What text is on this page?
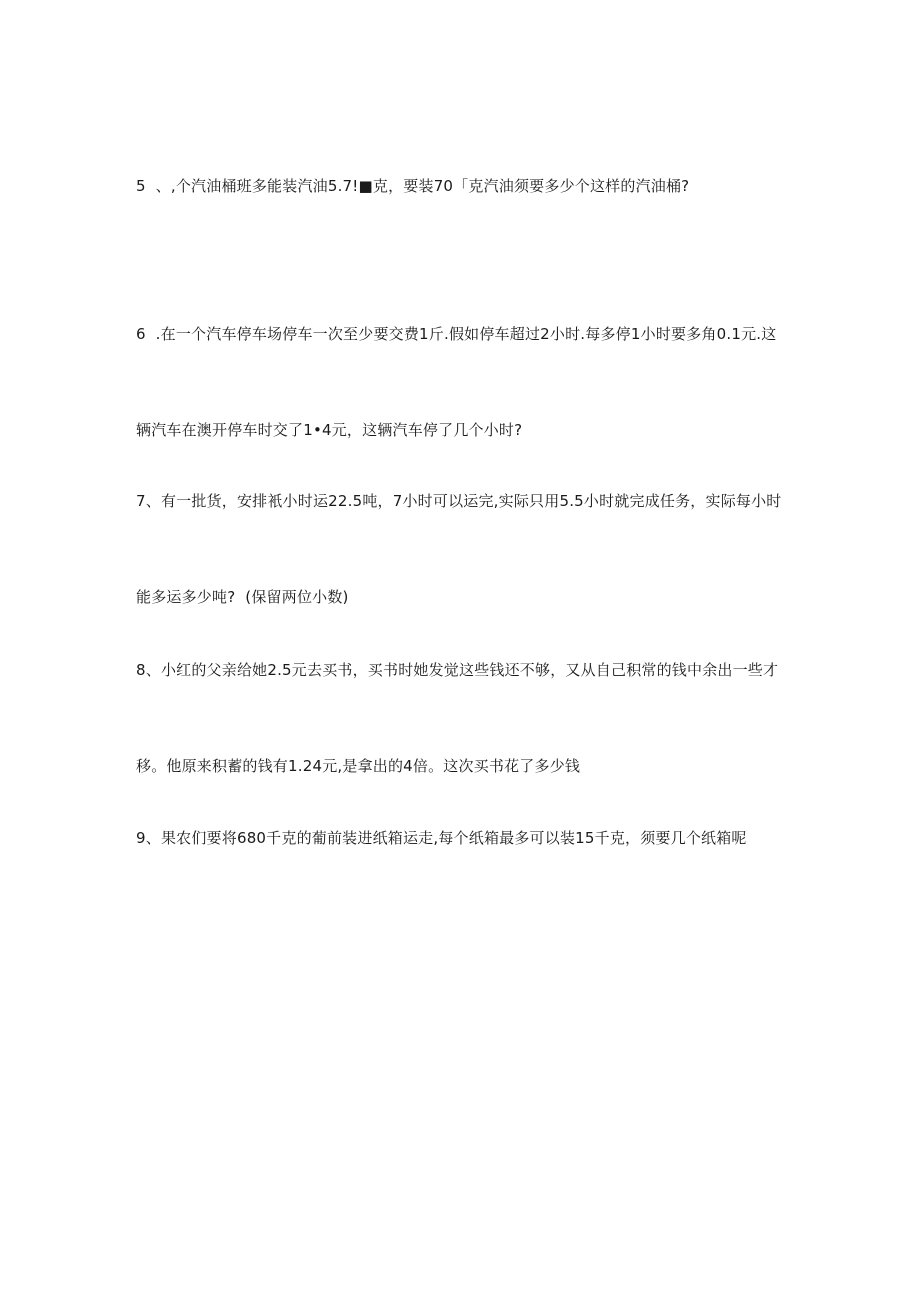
5  、,个汽油桶班多能装汽油5.7!■克，要装70「克汽油须要多少个这样的汽油桶?

6  .在一个汽车停车场停车一次至少要交费1斤.假如停车超过2小时.每多停1小时要多角0.1元.这

辆汽车在澳开停车时交了1•4元，这辆汽车停了几个小时?

7、有一批货，安排衹小时运22.5吨，7小时可以运完,实际只用5.5小时就完成任务，实际每小时

能多运多少吨?  (保留两位小数)

8、小红的父亲给她2.5元去买书，买书时她发觉这些钱还不够，又从自己积常的钱中余出一些才

移。他原来积蓄的钱有1.24元,是拿出的4倍。这次买书花了多少钱

9、果农们要将680千克的葡前装进纸箱运走,每个纸箱最多可以装15千克，须要几个纸箱呢
